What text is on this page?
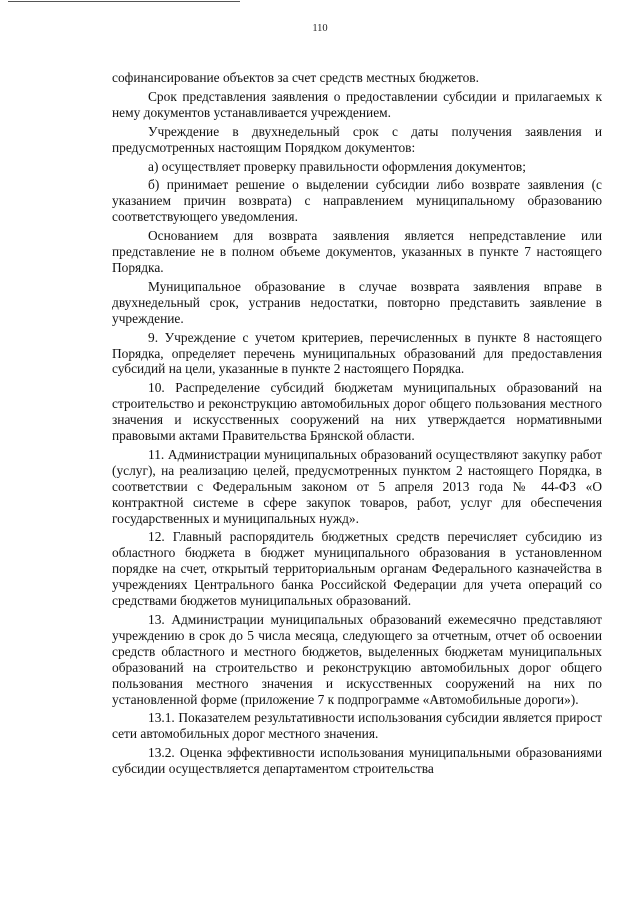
110

софинансирование объектов за счет средств местных бюджетов.

Срок представления заявления о предоставлении субсидии и прилагаемых к нему документов устанавливается учреждением.

Учреждение в двухнедельный срок с даты получения заявления и предусмотренных настоящим Порядком документов:

а) осуществляет проверку правильности оформления документов;

б) принимает решение о выделении субсидии либо возврате заявления (с указанием причин возврата) с направлением муниципальному образованию соответствующего уведомления.

Основанием для возврата заявления является непредставление или представление не в полном объеме документов, указанных в пункте 7 настоящего Порядка.

Муниципальное образование в случае возврата заявления вправе в двухнедельный срок, устранив недостатки, повторно представить заявление в учреждение.

9. Учреждение с учетом критериев, перечисленных в пункте 8 настоящего Порядка, определяет перечень муниципальных образований для предоставления субсидий на цели, указанные в пункте 2 настоящего Порядка.

10. Распределение субсидий бюджетам муниципальных образований на строительство и реконструкцию автомобильных дорог общего пользования местного значения и искусственных сооружений на них утверждается нормативными правовыми актами Правительства Брянской области.

11. Администрации муниципальных образований осуществляют закупку работ (услуг), на реализацию целей, предусмотренных пунктом 2 настоящего Порядка, в соответствии с Федеральным законом от 5 апреля 2013 года № 44-ФЗ «О контрактной системе в сфере закупок товаров, работ, услуг для обеспечения государственных и муниципальных нужд».

12. Главный распорядитель бюджетных средств перечисляет субсидию из областного бюджета в бюджет муниципального образования в установленном порядке на счет, открытый территориальным органам Федерального казначейства в учреждениях Центрального банка Российской Федерации для учета операций со средствами бюджетов муниципальных образований.

13. Администрации муниципальных образований ежемесячно представляют учреждению в срок до 5 числа месяца, следующего за отчетным, отчет об освоении средств областного и местного бюджетов, выделенных бюджетам муниципальных образований на строительство и реконструкцию автомобильных дорог общего пользования местного значения и искусственных сооружений на них по установленной форме (приложение 7 к подпрограмме «Автомобильные дороги»).

13.1. Показателем результативности использования субсидии является прирост сети автомобильных дорог местного значения.

13.2. Оценка эффективности использования муниципальными образованиями субсидии осуществляется департаментом строительства
